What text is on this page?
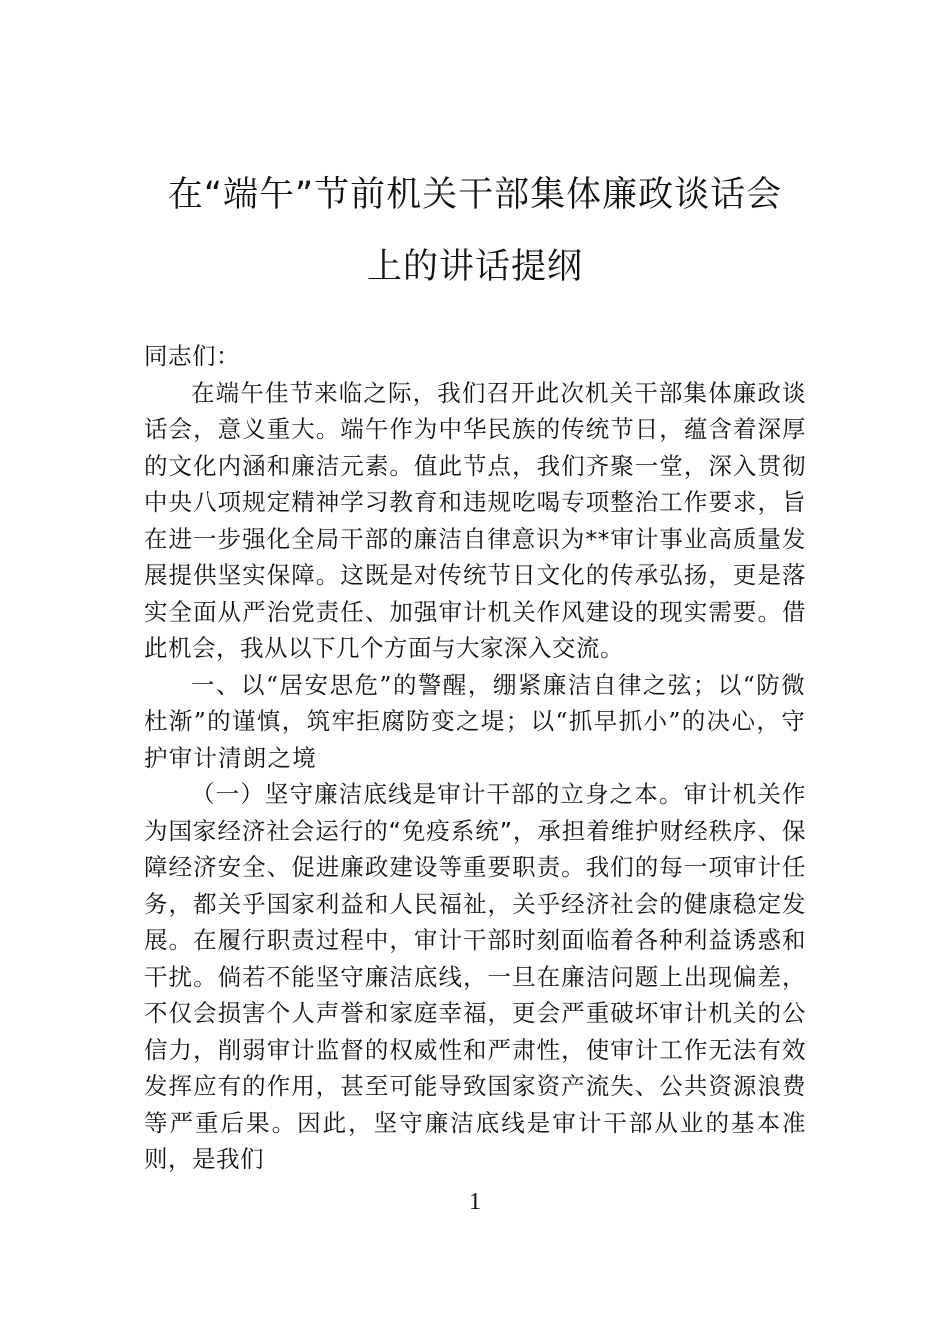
在“端午”节前机关干部集体廉政谈话会
上的讲话提纲

同志们：

在端午佳节来临之际，我们召开此次机关干部集体廉政谈话会，意义重大。端午作为中华民族的传统节日，蕴含着深厚的文化内涵和廉洁元素。值此节点，我们齐聚一堂，深入贯彻中央八项规定精神学习教育和违规吃喝专项整治工作要求，旨在进一步强化全局干部的廉洁自律意识为**审计事业高质量发展提供坚实保障。这既是对传统节日文化的传承弘扬，更是落实全面从严治党责任、加强审计机关作风建设的现实需要。借此机会，我从以下几个方面与大家深入交流。

一、以“居安思危”的警醒，绷紧廉洁自律之弦；以“防微杜渐”的谨慎，筑牢拒腐防变之堤；以“抓早抓小”的决心，守护审计清朗之境

（一）坚守廉洁底线是审计干部的立身之本。审计机关作为国家经济社会运行的“免疫系统”，承担着维护财经秩序、保障经济安全、促进廉政建设等重要职责。我们的每一项审计任务，都关乎国家利益和人民福祉，关乎经济社会的健康稳定发展。在履行职责过程中，审计干部时刻面临着各种利益诱惑和干扰。倘若不能坚守廉洁底线，一旦在廉洁问题上出现偏差，不仅会损害个人声誉和家庭幸福，更会严重破坏审计机关的公信力，削弱审计监督的权威性和严肃性，使审计工作无法有效发挥应有的作用，甚至可能导致国家资产流失、公共资源浪费等严重后果。因此，坚守廉洁底线是审计干部从业的基本准则，是我们

1
